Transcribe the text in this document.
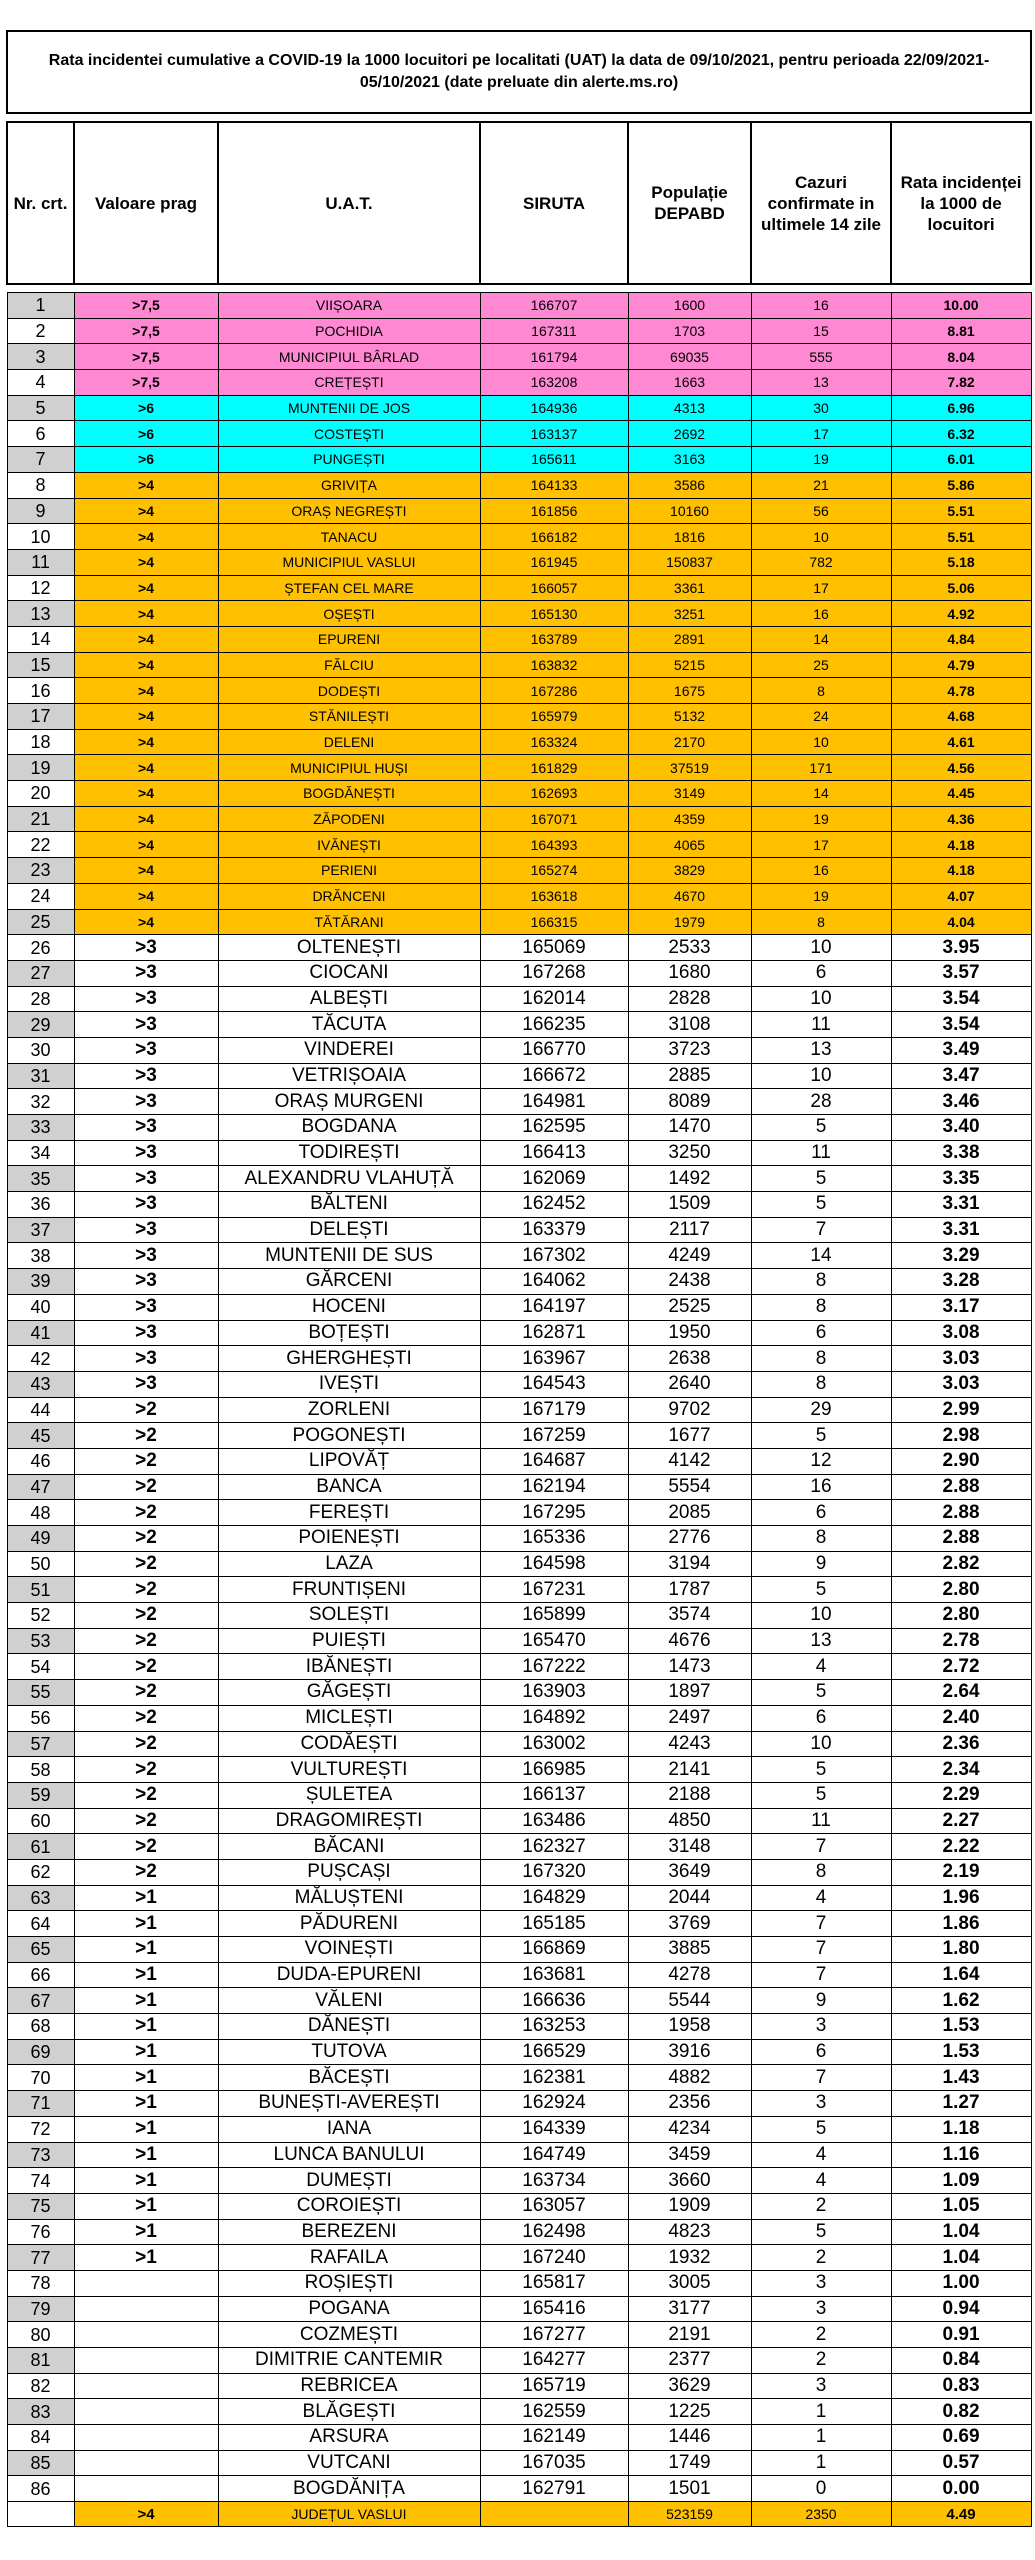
Rata incidentei cumulative a COVID-19 la 1000 locuitori pe localitati (UAT) la data de 09/10/2021, pentru perioada 22/09/2021-05/10/2021 (date preluate din alerte.ms.ro)						

Nr. crt.	Valoare prag	U.A.T.	SIRUTA	Populație DEPABD	Cazuri confirmate in ultimele 14 zile	Rata incidenței la 1000 de locuitori

1	>7,5	VIIȘOARA	166707	1600	16	10.00
2	>7,5	POCHIDIA	167311	1703	15	8.81
3	>7,5	MUNICIPIUL BÂRLAD	161794	69035	555	8.04
4	>7,5	CREȚEȘTI	163208	1663	13	7.82
5	>6	MUNTENII DE JOS	164936	4313	30	6.96
6	>6	COSTEȘTI	163137	2692	17	6.32
7	>6	PUNGEȘTI	165611	3163	19	6.01
8	>4	GRIVIȚA	164133	3586	21	5.86
9	>4	ORAȘ NEGREȘTI	161856	10160	56	5.51
10	>4	TANACU	166182	1816	10	5.51
11	>4	MUNICIPIUL VASLUI	161945	150837	782	5.18
12	>4	ȘTEFAN CEL MARE	166057	3361	17	5.06
13	>4	OȘEȘTI	165130	3251	16	4.92
14	>4	EPURENI	163789	2891	14	4.84
15	>4	FĂLCIU	163832	5215	25	4.79
16	>4	DODEȘTI	167286	1675	8	4.78
17	>4	STĂNILEȘTI	165979	5132	24	4.68
18	>4	DELENI	163324	2170	10	4.61
19	>4	MUNICIPIUL HUȘI	161829	37519	171	4.56
20	>4	BOGDĂNEȘTI	162693	3149	14	4.45
21	>4	ZĂPODENI	167071	4359	19	4.36
22	>4	IVĂNEȘTI	164393	4065	17	4.18
23	>4	PERIENI	165274	3829	16	4.18
24	>4	DRĂNCENI	163618	4670	19	4.07
25	>4	TĂTĂRANI	166315	1979	8	4.04
26	>3	OLTENEȘTI	165069	2533	10	3.95
27	>3	CIOCANI	167268	1680	6	3.57
28	>3	ALBEȘTI	162014	2828	10	3.54
29	>3	TĂCUTA	166235	3108	11	3.54
30	>3	VINDEREI	166770	3723	13	3.49
31	>3	VETRIȘOAIA	166672	2885	10	3.47
32	>3	ORAȘ MURGENI	164981	8089	28	3.46
33	>3	BOGDANA	162595	1470	5	3.40
34	>3	TODIREȘTI	166413	3250	11	3.38
35	>3	ALEXANDRU VLAHUȚĂ	162069	1492	5	3.35
36	>3	BĂLTENI	162452	1509	5	3.31
37	>3	DELEȘTI	163379	2117	7	3.31
38	>3	MUNTENII DE SUS	167302	4249	14	3.29
39	>3	GĂRCENI	164062	2438	8	3.28
40	>3	HOCENI	164197	2525	8	3.17
41	>3	BOȚEȘTI	162871	1950	6	3.08
42	>3	GHERGHEȘTI	163967	2638	8	3.03
43	>3	IVEȘTI	164543	2640	8	3.03
44	>2	ZORLENI	167179	9702	29	2.99
45	>2	POGONEȘTI	167259	1677	5	2.98
46	>2	LIPOVĂȚ	164687	4142	12	2.90
47	>2	BANCA	162194	5554	16	2.88
48	>2	FEREȘTI	167295	2085	6	2.88
49	>2	POIENEȘTI	165336	2776	8	2.88
50	>2	LAZA	164598	3194	9	2.82
51	>2	FRUNTIȘENI	167231	1787	5	2.80
52	>2	SOLEȘTI	165899	3574	10	2.80
53	>2	PUIEȘTI	165470	4676	13	2.78
54	>2	IBĂNEȘTI	167222	1473	4	2.72
55	>2	GĂGEȘTI	163903	1897	5	2.64
56	>2	MICLEȘTI	164892	2497	6	2.40
57	>2	CODĂEȘTI	163002	4243	10	2.36
58	>2	VULTUREȘTI	166985	2141	5	2.34
59	>2	ȘULETEA	166137	2188	5	2.29
60	>2	DRAGOMIREȘTI	163486	4850	11	2.27
61	>2	BĂCANI	162327	3148	7	2.22
62	>2	PUȘCAȘI	167320	3649	8	2.19
63	>1	MĂLUȘTENI	164829	2044	4	1.96
64	>1	PĂDURENI	165185	3769	7	1.86
65	>1	VOINEȘTI	166869	3885	7	1.80
66	>1	DUDA-EPURENI	163681	4278	7	1.64
67	>1	VĂLENI	166636	5544	9	1.62
68	>1	DĂNEȘTI	163253	1958	3	1.53
69	>1	TUTOVA	166529	3916	6	1.53
70	>1	BĂCEȘTI	162381	4882	7	1.43
71	>1	BUNEȘTI-AVEREȘTI	162924	2356	3	1.27
72	>1	IANA	164339	4234	5	1.18
73	>1	LUNCA BANULUI	164749	3459	4	1.16
74	>1	DUMEȘTI	163734	3660	4	1.09
75	>1	COROIEȘTI	163057	1909	2	1.05
76	>1	BEREZENI	162498	4823	5	1.04
77	>1	RAFAILA	167240	1932	2	1.04
78		ROȘIEȘTI	165817	3005	3	1.00
79		POGANA	165416	3177	3	0.94
80		COZMEȘTI	167277	2191	2	0.91
81		DIMITRIE CANTEMIR	164277	2377	2	0.84
82		REBRICEA	165719	3629	3	0.83
83		BLĂGEȘTI	162559	1225	1	0.82
84		ARSURA	162149	1446	1	0.69
85		VUTCANI	167035	1749	1	0.57
86		BOGDĂNIȚA	162791	1501	0	0.00
	>4	JUDEȚUL VASLUI		523159	2350	4.49
